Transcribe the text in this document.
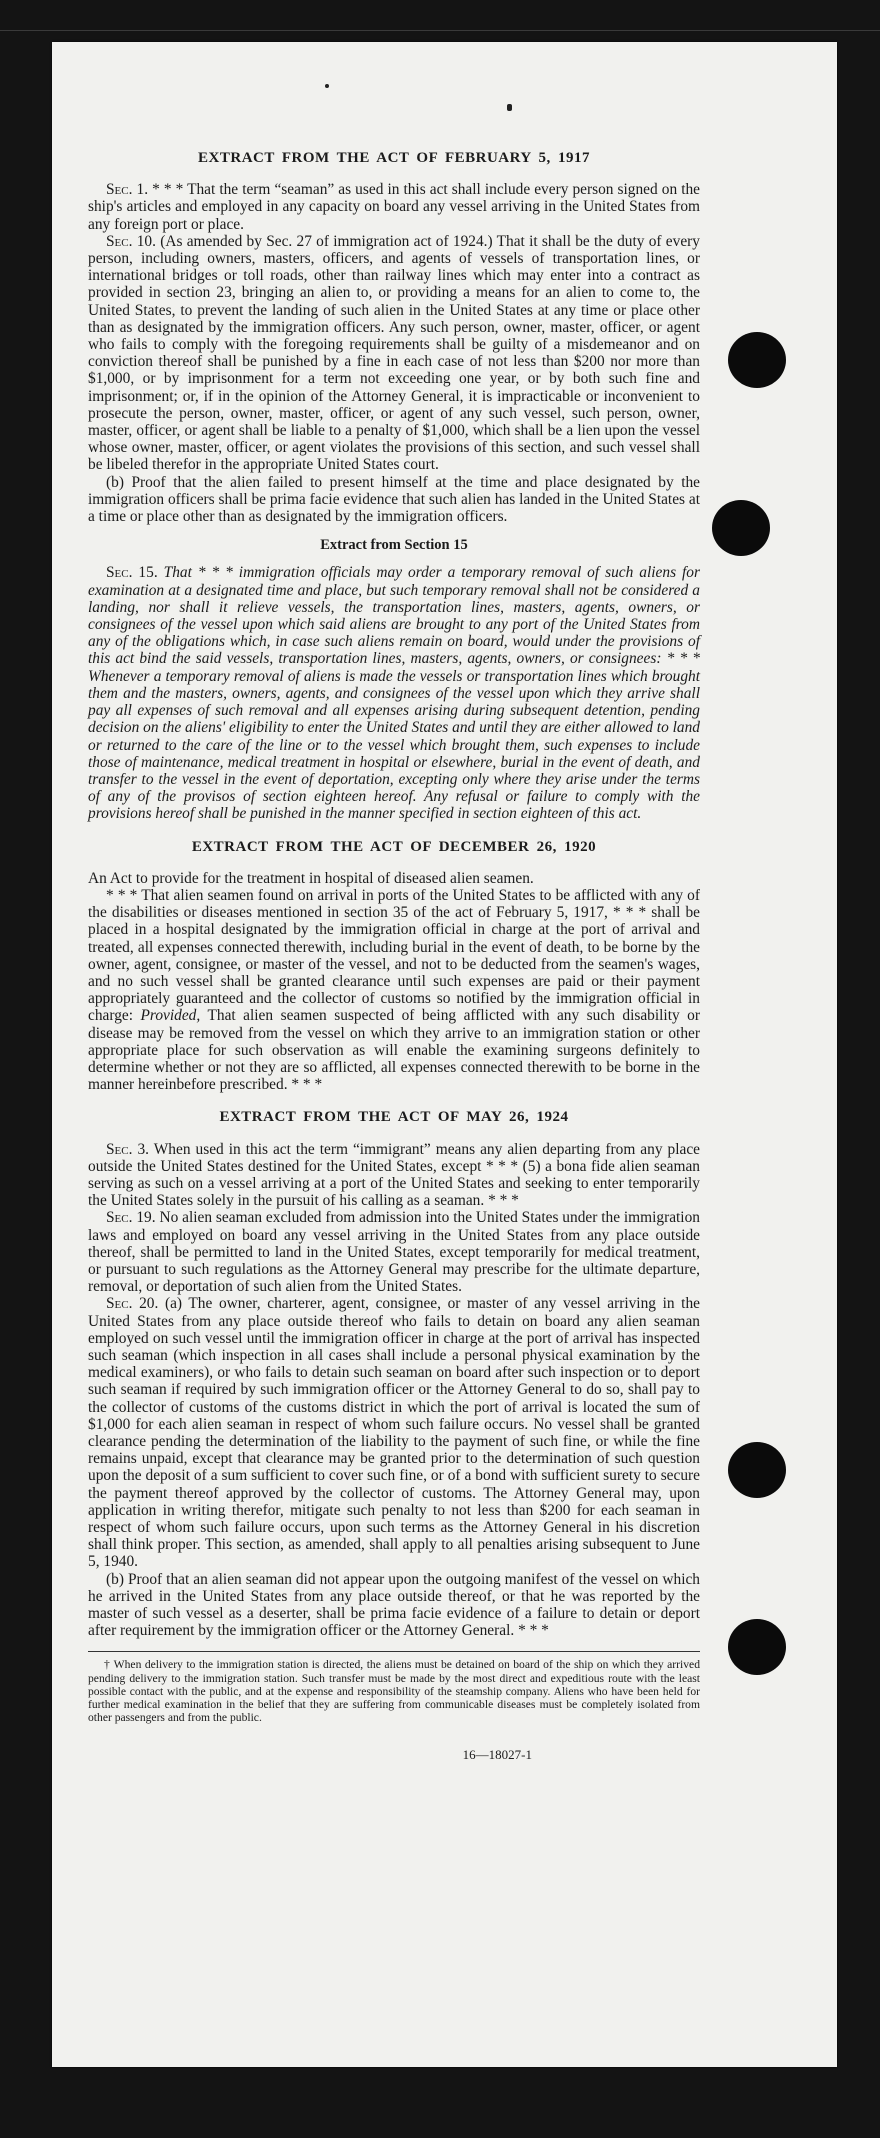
EXTRACT FROM THE ACT OF FEBRUARY 5, 1917

Sec. 1. * * * That the term “seaman” as used in this act shall include every person signed on the ship's articles and employed in any capacity on board any vessel arriving in the United States from any foreign port or place.

Sec. 10. (As amended by Sec. 27 of immigration act of 1924.) That it shall be the duty of every person, including owners, masters, officers, and agents of vessels of transportation lines, or international bridges or toll roads, other than railway lines which may enter into a contract as provided in section 23, bringing an alien to, or providing a means for an alien to come to, the United States, to prevent the landing of such alien in the United States at any time or place other than as designated by the immigration officers. Any such person, owner, master, officer, or agent who fails to comply with the foregoing requirements shall be guilty of a misdemeanor and on conviction thereof shall be punished by a fine in each case of not less than $200 nor more than $1,000, or by imprisonment for a term not exceeding one year, or by both such fine and imprisonment; or, if in the opinion of the Attorney General, it is impracticable or inconvenient to prosecute the person, owner, master, officer, or agent of any such vessel, such person, owner, master, officer, or agent shall be liable to a penalty of $1,000, which shall be a lien upon the vessel whose owner, master, officer, or agent violates the provisions of this section, and such vessel shall be libeled therefor in the appropriate United States court.

(b) Proof that the alien failed to present himself at the time and place designated by the immigration officers shall be prima facie evidence that such alien has landed in the United States at a time or place other than as designated by the immigration officers.

Extract from Section 15

Sec. 15. That * * * immigration officials may order a temporary removal of such aliens for examination at a designated time and place, but such temporary removal shall not be considered a landing, nor shall it relieve vessels, the transportation lines, masters, agents, owners, or consignees of the vessel upon which said aliens are brought to any port of the United States from any of the obligations which, in case such aliens remain on board, would under the provisions of this act bind the said vessels, transportation lines, masters, agents, owners, or consignees: * * * Whenever a temporary removal of aliens is made the vessels or transportation lines which brought them and the masters, owners, agents, and consignees of the vessel upon which they arrive shall pay all expenses of such removal and all expenses arising during subsequent detention, pending decision on the aliens' eligibility to enter the United States and until they are either allowed to land or returned to the care of the line or to the vessel which brought them, such expenses to include those of maintenance, medical treatment in hospital or elsewhere, burial in the event of death, and transfer to the vessel in the event of deportation, excepting only where they arise under the terms of any of the provisos of section eighteen hereof. Any refusal or failure to comply with the provisions hereof shall be punished in the manner specified in section eighteen of this act.

EXTRACT FROM THE ACT OF DECEMBER 26, 1920

An Act to provide for the treatment in hospital of diseased alien seamen.

* * * That alien seamen found on arrival in ports of the United States to be afflicted with any of the disabilities or diseases mentioned in section 35 of the act of February 5, 1917, * * * shall be placed in a hospital designated by the immigration official in charge at the port of arrival and treated, all expenses connected therewith, including burial in the event of death, to be borne by the owner, agent, consignee, or master of the vessel, and not to be deducted from the seamen's wages, and no such vessel shall be granted clearance until such expenses are paid or their payment appropriately guaranteed and the collector of customs so notified by the immigration official in charge: Provided, That alien seamen suspected of being afflicted with any such disability or disease may be removed from the vessel on which they arrive to an immigration station or other appropriate place for such observation as will enable the examining surgeons definitely to determine whether or not they are so afflicted, all expenses connected therewith to be borne in the manner hereinbefore prescribed. * * *

EXTRACT FROM THE ACT OF MAY 26, 1924

Sec. 3. When used in this act the term “immigrant” means any alien departing from any place outside the United States destined for the United States, except * * * (5) a bona fide alien seaman serving as such on a vessel arriving at a port of the United States and seeking to enter temporarily the United States solely in the pursuit of his calling as a seaman. * * *

Sec. 19. No alien seaman excluded from admission into the United States under the immigration laws and employed on board any vessel arriving in the United States from any place outside thereof, shall be permitted to land in the United States, except temporarily for medical treatment, or pursuant to such regulations as the Attorney General may prescribe for the ultimate departure, removal, or deportation of such alien from the United States.

Sec. 20. (a) The owner, charterer, agent, consignee, or master of any vessel arriving in the United States from any place outside thereof who fails to detain on board any alien seaman employed on such vessel until the immigration officer in charge at the port of arrival has inspected such seaman (which inspection in all cases shall include a personal physical examination by the medical examiners), or who fails to detain such seaman on board after such inspection or to deport such seaman if required by such immigration officer or the Attorney General to do so, shall pay to the collector of customs of the customs district in which the port of arrival is located the sum of $1,000 for each alien seaman in respect of whom such failure occurs. No vessel shall be granted clearance pending the determination of the liability to the payment of such fine, or while the fine remains unpaid, except that clearance may be granted prior to the determination of such question upon the deposit of a sum sufficient to cover such fine, or of a bond with sufficient surety to secure the payment thereof approved by the collector of customs. The Attorney General may, upon application in writing therefor, mitigate such penalty to not less than $200 for each seaman in respect of whom such failure occurs, upon such terms as the Attorney General in his discretion shall think proper. This section, as amended, shall apply to all penalties arising subsequent to June 5, 1940.

(b) Proof that an alien seaman did not appear upon the outgoing manifest of the vessel on which he arrived in the United States from any place outside thereof, or that he was reported by the master of such vessel as a deserter, shall be prima facie evidence of a failure to detain or deport after requirement by the immigration officer or the Attorney General. * * *

† When delivery to the immigration station is directed, the aliens must be detained on board of the ship on which they arrived pending delivery to the immigration station. Such transfer must be made by the most direct and expeditious route with the least possible contact with the public, and at the expense and responsibility of the steamship company. Aliens who have been held for further medical examination in the belief that they are suffering from communicable diseases must be completely isolated from other passengers and from the public.

16—18027-1
